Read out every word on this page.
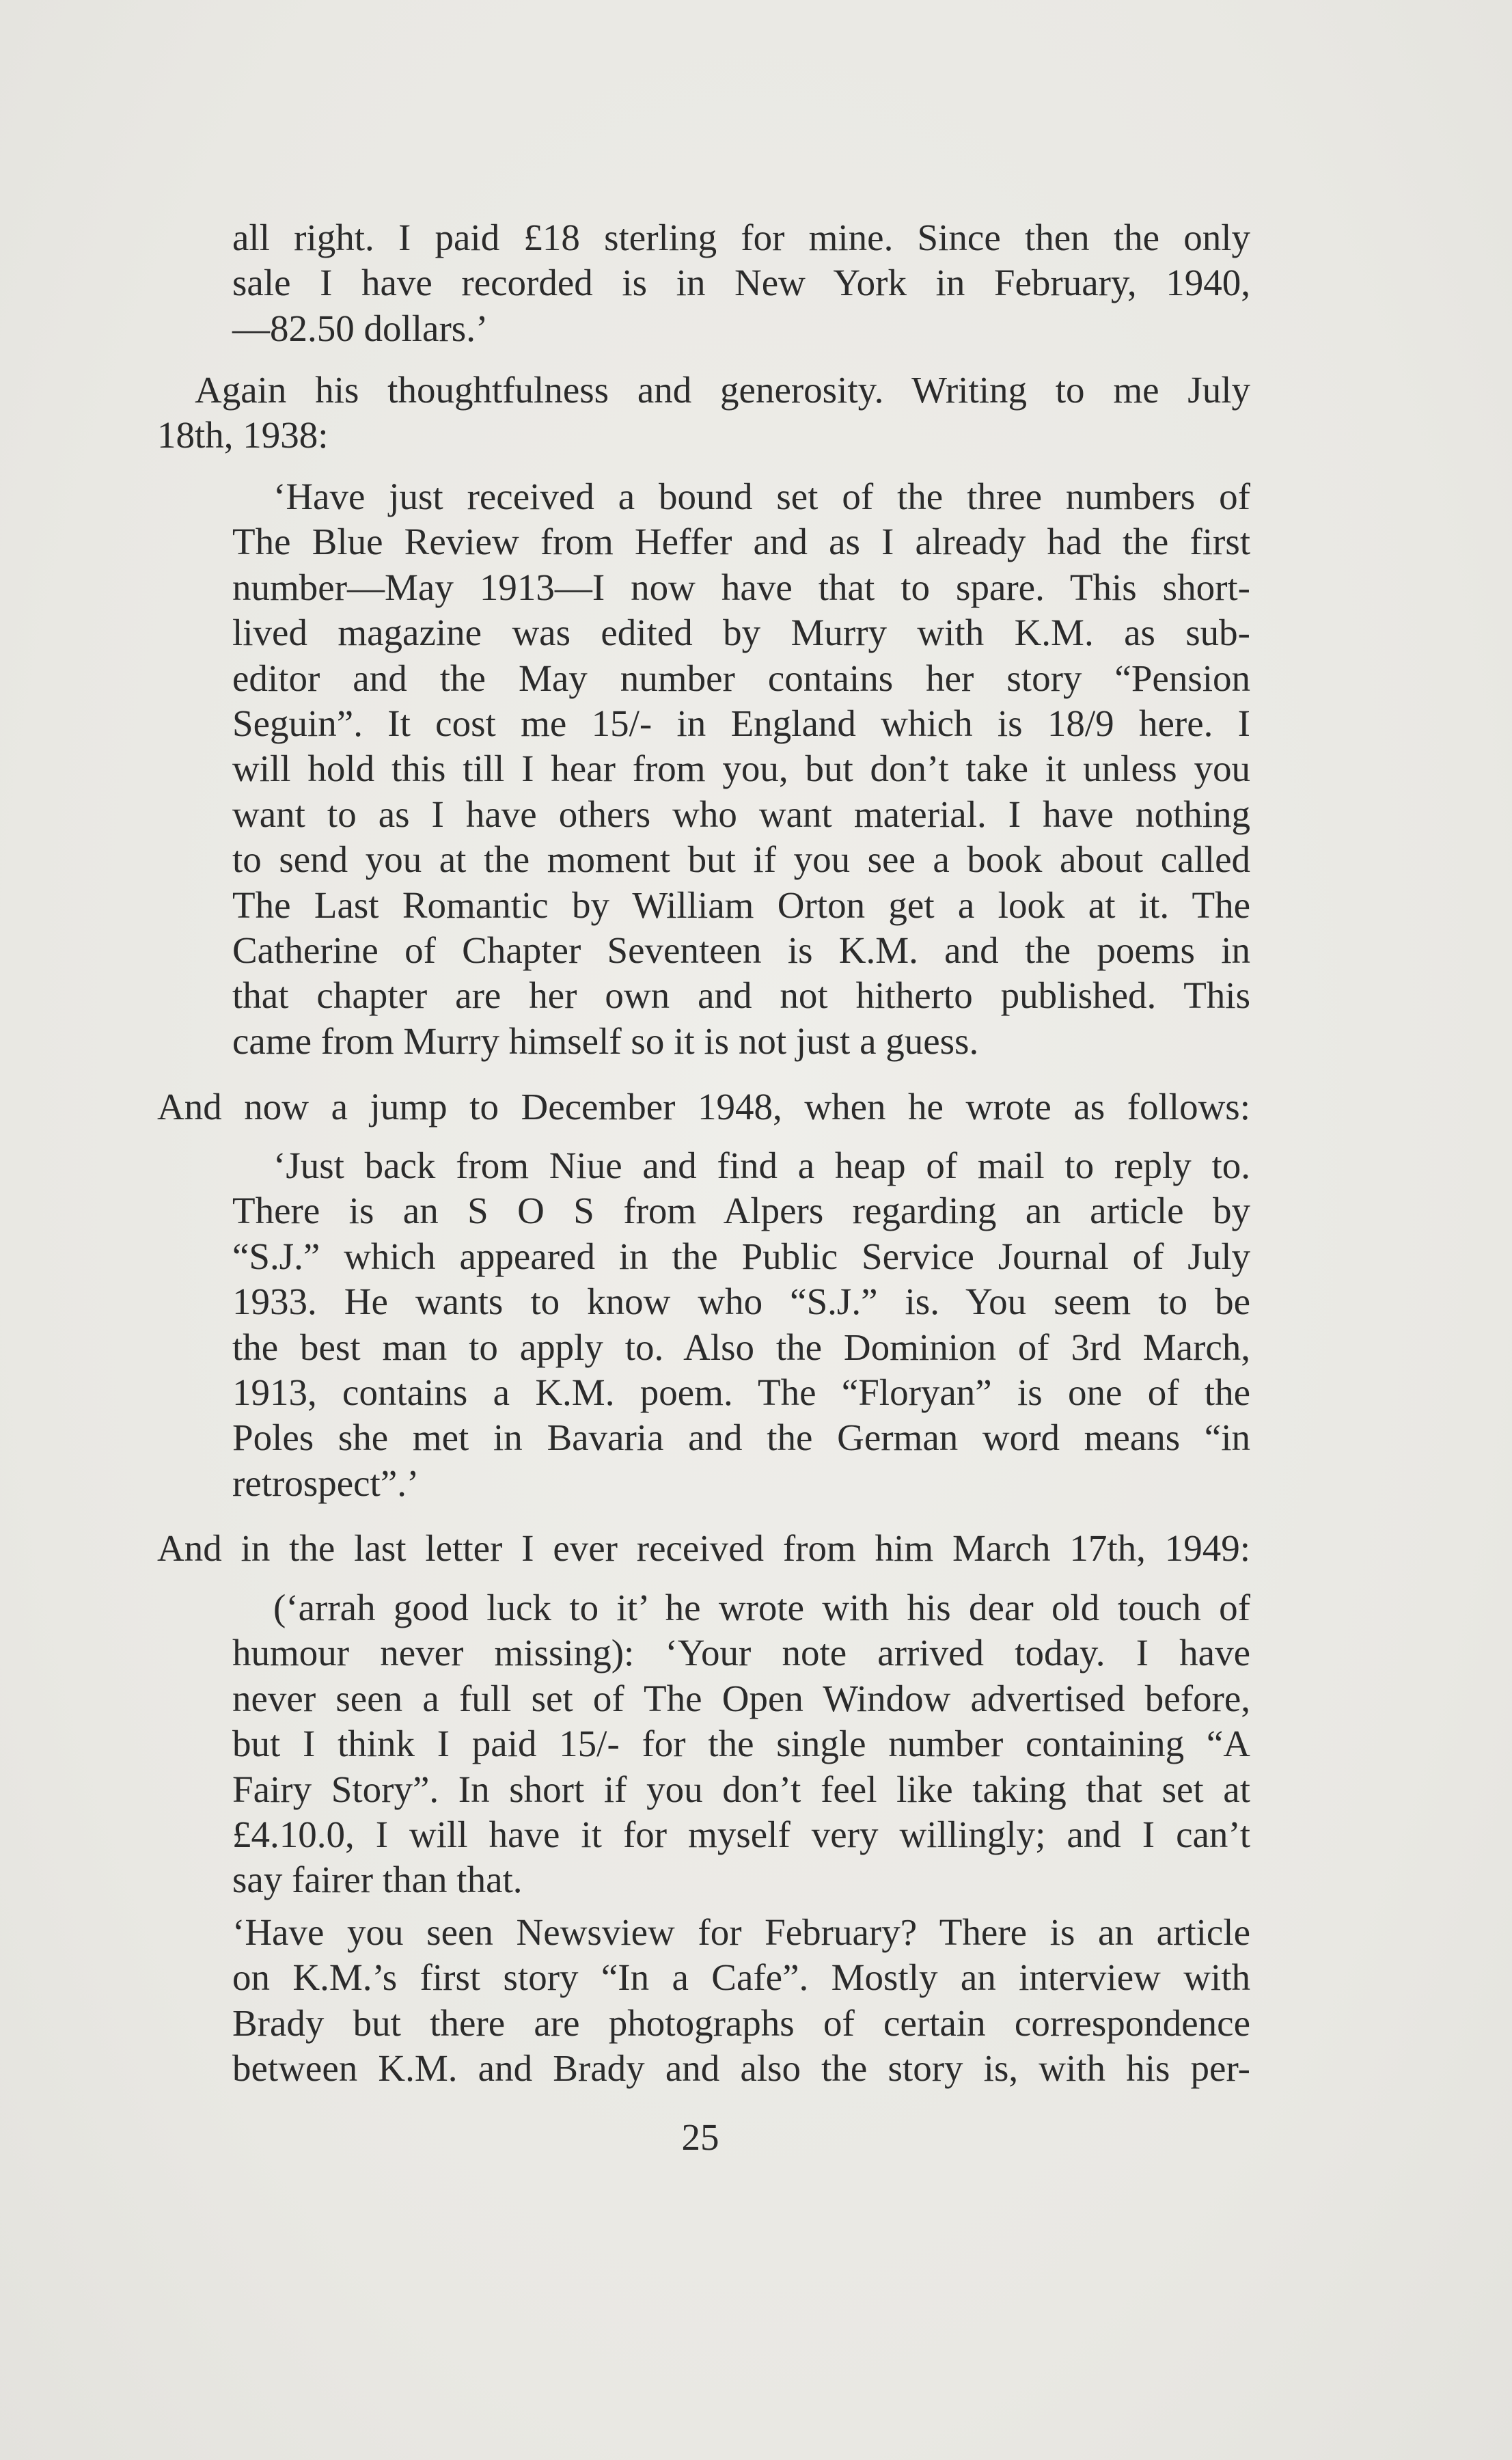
all right. I paid £18 sterling for mine. Since then the only
sale I have recorded is in New York in February, 1940,
—82.50 dollars.’
Again his thoughtfulness and generosity. Writing to me July
18th, 1938:
‘Have just received a bound set of the three numbers of
The Blue Review from Heffer and as I already had the first
number—May 1913—I now have that to spare. This short-
lived magazine was edited by Murry with K.M. as sub-
editor and the May number contains her story “Pension
Seguin”. It cost me 15/- in England which is 18/9 here. I
will hold this till I hear from you, but don’t take it unless you
want to as I have others who want material. I have nothing
to send you at the moment but if you see a book about called
The Last Romantic by William Orton get a look at it. The
Catherine of Chapter Seventeen is K.M. and the poems in
that chapter are her own and not hitherto published. This
came from Murry himself so it is not just a guess.
And now a jump to December 1948, when he wrote as follows:
‘Just back from Niue and find a heap of mail to reply to.
There is an S O S from Alpers regarding an article by
“S.J.” which appeared in the Public Service Journal of July
1933. He wants to know who “S.J.” is. You seem to be
the best man to apply to. Also the Dominion of 3rd March,
1913, contains a K.M. poem. The “Floryan” is one of the
Poles she met in Bavaria and the German word means “in
retrospect”.’
And in the last letter I ever received from him March 17th, 1949:
(‘arrah good luck to it’ he wrote with his dear old touch of
humour never missing): ‘Your note arrived today. I have
never seen a full set of The Open Window advertised before,
but I think I paid 15/- for the single number containing “A
Fairy Story”. In short if you don’t feel like taking that set at
£4.10.0, I will have it for myself very willingly; and I can’t
say fairer than that.
‘Have you seen Newsview for February? There is an article
on K.M.’s first story “In a Cafe”. Mostly an interview with
Brady but there are photographs of certain correspondence
between K.M. and Brady and also the story is, with his per-
25
